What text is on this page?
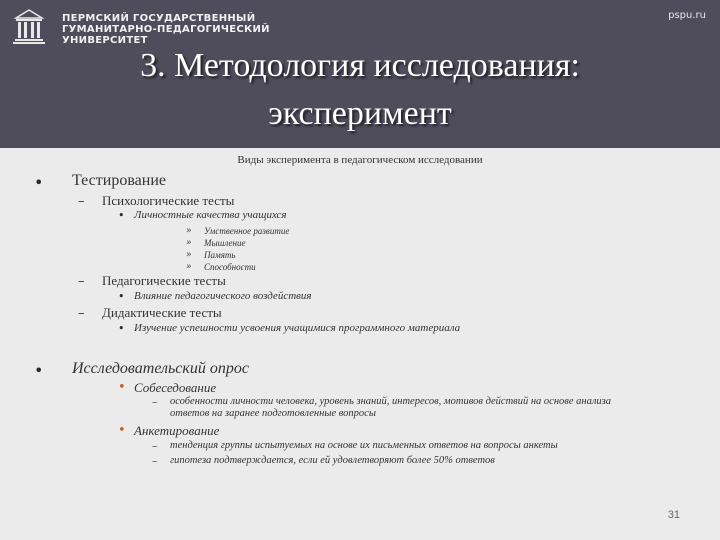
ПЕРМСКИЙ ГОСУДАРСТВЕННЫЙ
ГУМАНИТАРНО-ПЕДАГОГИЧЕСКИЙ
УНИВЕРСИТЕТ
pspu.ru
3. Методология исследования:
эксперимент
Виды эксперимента в педагогическом исследовании
• Тестирование
– Психологические тесты
• Личностные качества учащихся
» Умственное развитие
» Мышление
» Память
» Способности
– Педагогические тесты
• Влияние педагогического воздействия
– Дидактические тесты
• Изучение успешности усвоения учащимися программного материала
• Исследовательский опрос
• Собеседование
– особенности личности человека, уровень знаний, интересов, мотивов действий на основе анализа
ответов на заранее подготовленные вопросы
• Анкетирование
– тенденция группы испытуемых на основе их письменных ответов на вопросы анкеты
– гипотеза подтверждается, если ей удовлетворяют более 50% ответов
31
